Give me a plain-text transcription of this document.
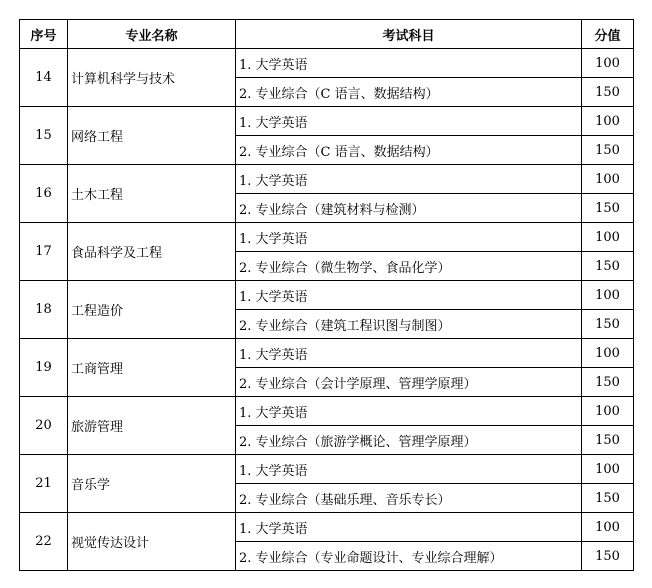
序号	专业名称	考试科目	分值
14	计算机科学与技术	1. 大学英语	100
		2. 专业综合（C 语言、数据结构）	150
15	网络工程	1. 大学英语	100
		2. 专业综合（C 语言、数据结构）	150
16	土木工程	1. 大学英语	100
		2. 专业综合（建筑材料与检测）	150
17	食品科学及工程	1. 大学英语	100
		2. 专业综合（微生物学、食品化学）	150
18	工程造价	1. 大学英语	100
		2. 专业综合（建筑工程识图与制图）	150
19	工商管理	1. 大学英语	100
		2. 专业综合（会计学原理、管理学原理）	150
20	旅游管理	1. 大学英语	100
		2. 专业综合（旅游学概论、管理学原理）	150
21	音乐学	1. 大学英语	100
		2. 专业综合（基础乐理、音乐专长）	150
22	视觉传达设计	1. 大学英语	100
		2. 专业综合（专业命题设计、专业综合理解）	150
